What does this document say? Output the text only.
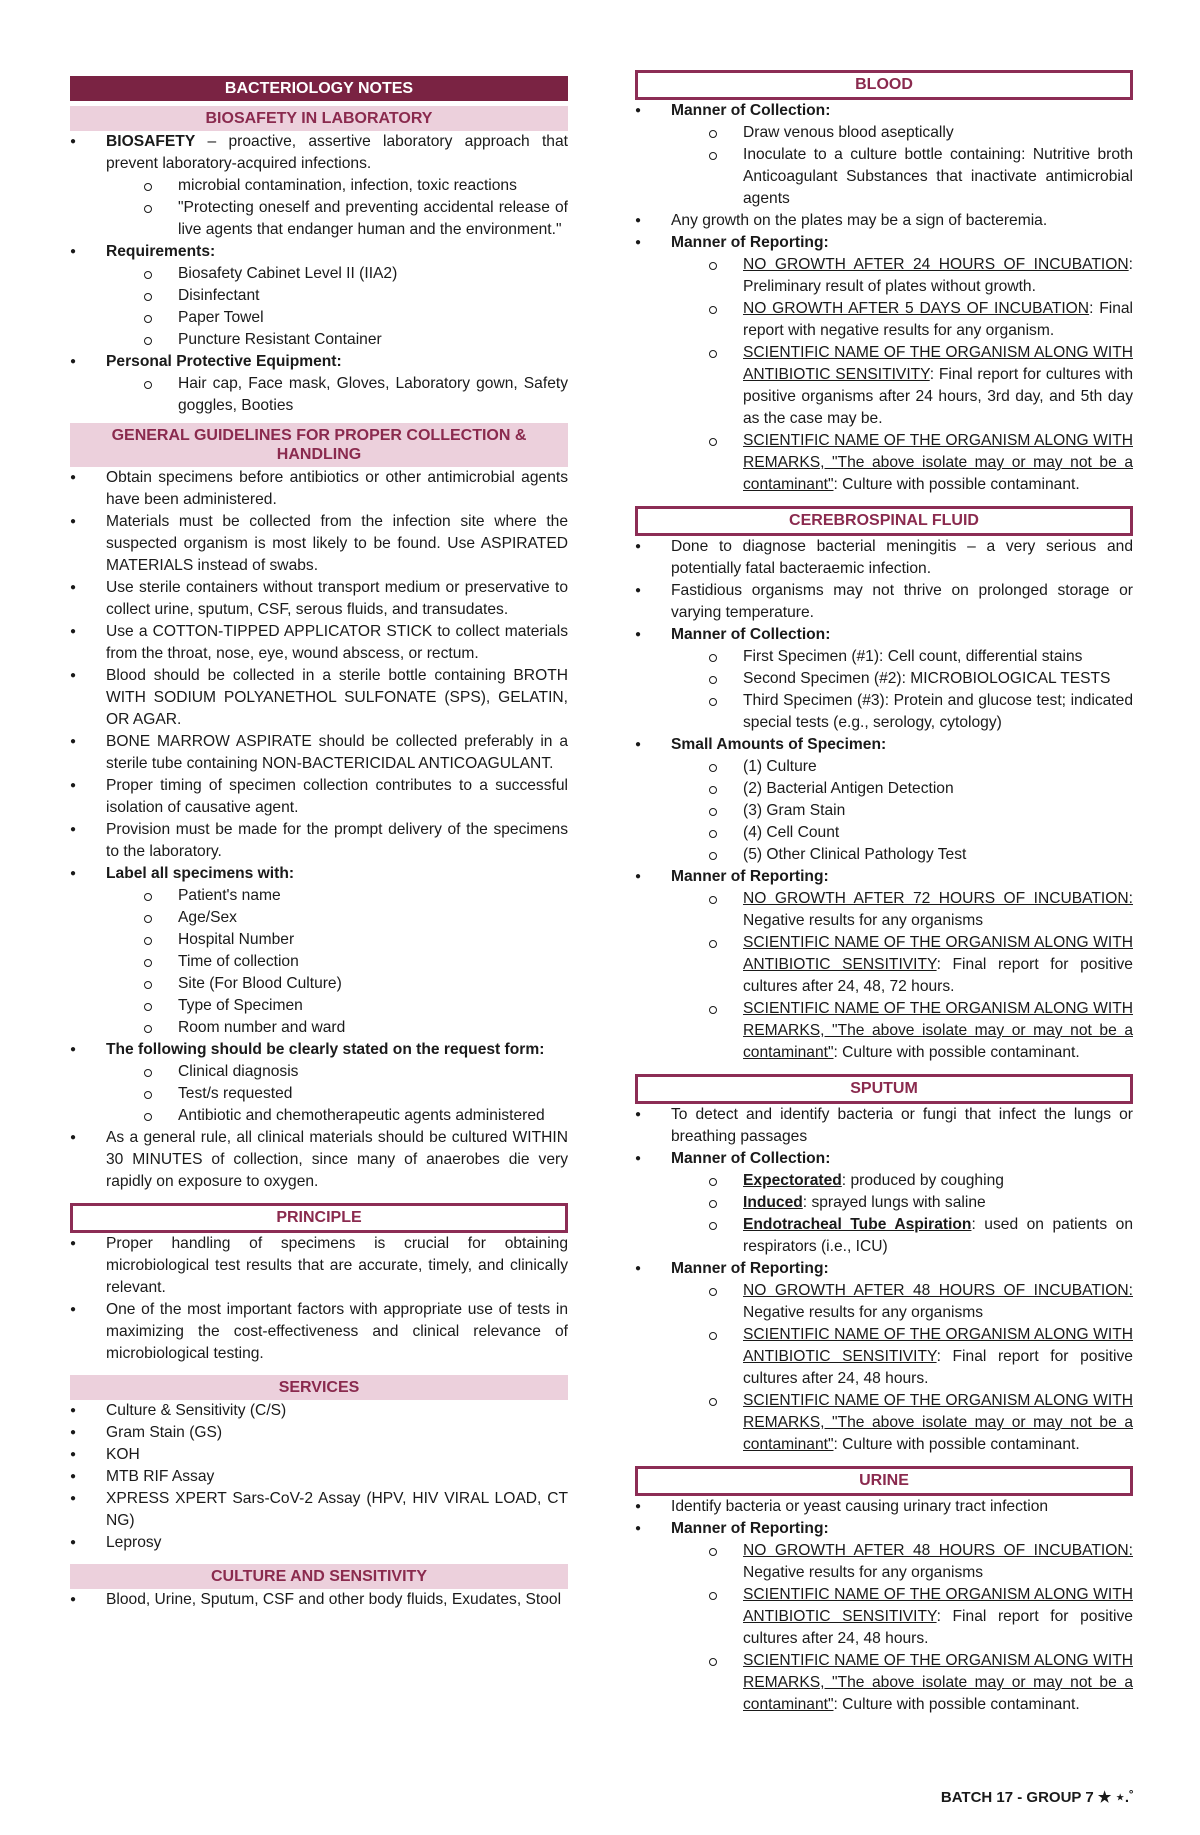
BACTERIOLOGY NOTES
BIOSAFETY IN LABORATORY
● BIOSAFETY – proactive, assertive laboratory approach that prevent laboratory-acquired infections.
microbial contamination, infection, toxic reactions
"Protecting oneself and preventing accidental release of live agents that endanger human and the environment."
● Requirements:
Biosafety Cabinet Level II (IIA2)
Disinfectant
Paper Towel
Puncture Resistant Container
● Personal Protective Equipment:
Hair cap, Face mask, Gloves, Laboratory gown, Safety goggles, Booties
GENERAL GUIDELINES FOR PROPER COLLECTION & HANDLING
● Obtain specimens before antibiotics or other antimicrobial agents have been administered.
● Materials must be collected from the infection site where the suspected organism is most likely to be found. Use ASPIRATED MATERIALS instead of swabs.
● Use sterile containers without transport medium or preservative to collect urine, sputum, CSF, serous fluids, and transudates.
● Use a COTTON-TIPPED APPLICATOR STICK to collect materials from the throat, nose, eye, wound abscess, or rectum.
● Blood should be collected in a sterile bottle containing BROTH WITH SODIUM POLYANETHOL SULFONATE (SPS), GELATIN, OR AGAR.
● BONE MARROW ASPIRATE should be collected preferably in a sterile tube containing NON-BACTERICIDAL ANTICOAGULANT.
● Proper timing of specimen collection contributes to a successful isolation of causative agent.
● Provision must be made for the prompt delivery of the specimens to the laboratory.
● Label all specimens with:
Patient's name
Age/Sex
Hospital Number
Time of collection
Site (For Blood Culture)
Type of Specimen
Room number and ward
● The following should be clearly stated on the request form:
Clinical diagnosis
Test/s requested
Antibiotic and chemotherapeutic agents administered
● As a general rule, all clinical materials should be cultured WITHIN 30 MINUTES of collection, since many of anaerobes die very rapidly on exposure to oxygen.
PRINCIPLE
● Proper handling of specimens is crucial for obtaining microbiological test results that are accurate, timely, and clinically relevant.
● One of the most important factors with appropriate use of tests in maximizing the cost-effectiveness and clinical relevance of microbiological testing.
SERVICES
● Culture & Sensitivity (C/S)
● Gram Stain (GS)
● KOH
● MTB RIF Assay
● XPRESS XPERT Sars-CoV-2 Assay (HPV, HIV VIRAL LOAD, CT NG)
● Leprosy
CULTURE AND SENSITIVITY
● Blood, Urine, Sputum, CSF and other body fluids, Exudates, Stool
BLOOD
● Manner of Collection:
Draw venous blood aseptically
Inoculate to a culture bottle containing: Nutritive broth Anticoagulant Substances that inactivate antimicrobial agents
● Any growth on the plates may be a sign of bacteremia.
● Manner of Reporting:
NO GROWTH AFTER 24 HOURS OF INCUBATION: Preliminary result of plates without growth.
NO GROWTH AFTER 5 DAYS OF INCUBATION: Final report with negative results for any organism.
SCIENTIFIC NAME OF THE ORGANISM ALONG WITH ANTIBIOTIC SENSITIVITY: Final report for cultures with positive organisms after 24 hours, 3rd day, and 5th day as the case may be.
SCIENTIFIC NAME OF THE ORGANISM ALONG WITH REMARKS, "The above isolate may or may not be a contaminant": Culture with possible contaminant.
CEREBROSPINAL FLUID
● Done to diagnose bacterial meningitis – a very serious and potentially fatal bacteraemic infection.
● Fastidious organisms may not thrive on prolonged storage or varying temperature.
● Manner of Collection:
First Specimen (#1): Cell count, differential stains
Second Specimen (#2): MICROBIOLOGICAL TESTS
Third Specimen (#3): Protein and glucose test; indicated special tests (e.g., serology, cytology)
● Small Amounts of Specimen:
(1) Culture
(2) Bacterial Antigen Detection
(3) Gram Stain
(4) Cell Count
(5) Other Clinical Pathology Test
● Manner of Reporting:
NO GROWTH AFTER 72 HOURS OF INCUBATION: Negative results for any organisms
SCIENTIFIC NAME OF THE ORGANISM ALONG WITH ANTIBIOTIC SENSITIVITY: Final report for positive cultures after 24, 48, 72 hours.
SCIENTIFIC NAME OF THE ORGANISM ALONG WITH REMARKS, "The above isolate may or may not be a contaminant": Culture with possible contaminant.
SPUTUM
● To detect and identify bacteria or fungi that infect the lungs or breathing passages
● Manner of Collection:
Expectorated: produced by coughing
Induced: sprayed lungs with saline
Endotracheal Tube Aspiration: used on patients on respirators (i.e., ICU)
● Manner of Reporting:
NO GROWTH AFTER 48 HOURS OF INCUBATION: Negative results for any organisms
SCIENTIFIC NAME OF THE ORGANISM ALONG WITH ANTIBIOTIC SENSITIVITY: Final report for positive cultures after 24, 48 hours.
SCIENTIFIC NAME OF THE ORGANISM ALONG WITH REMARKS, "The above isolate may or may not be a contaminant": Culture with possible contaminant.
URINE
● Identify bacteria or yeast causing urinary tract infection
● Manner of Reporting:
NO GROWTH AFTER 48 HOURS OF INCUBATION: Negative results for any organisms
SCIENTIFIC NAME OF THE ORGANISM ALONG WITH ANTIBIOTIC SENSITIVITY: Final report for positive cultures after 24, 48 hours.
SCIENTIFIC NAME OF THE ORGANISM ALONG WITH REMARKS, "The above isolate may or may not be a contaminant": Culture with possible contaminant.
BATCH 17 - GROUP 7 ★ ⋆.˚
